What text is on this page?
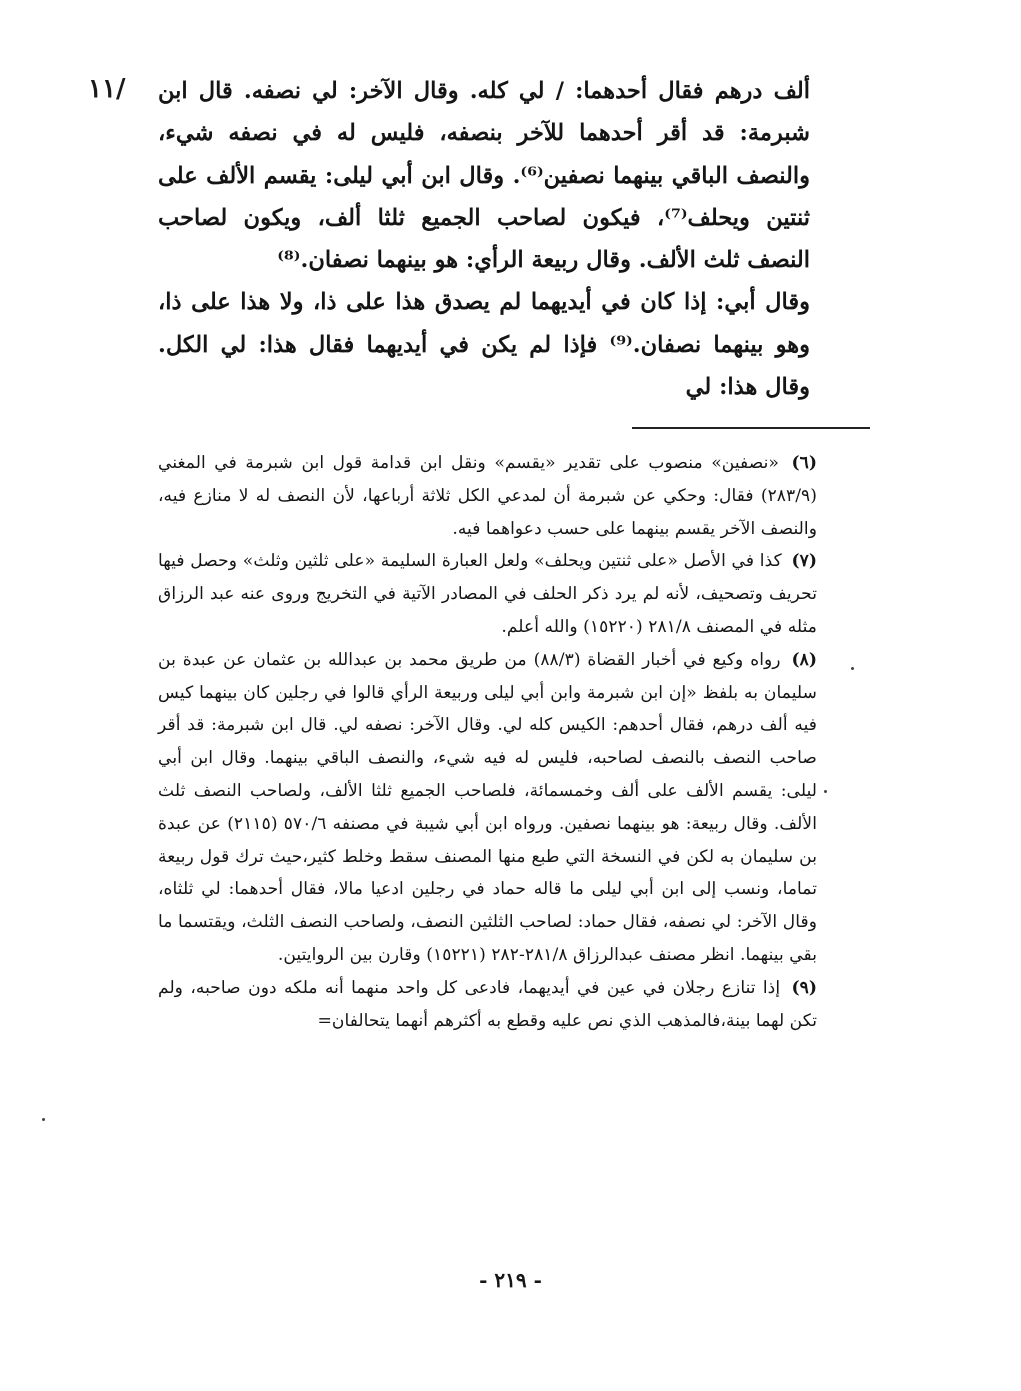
١١/ ألف درهم فقال أحدهما: / لي كله. وقال الآخر: لي نصفه. قال ابن شبرمة: قد أقر أحدهما للآخر بنصفه، فليس له في نصفه شيء، والنصف الباقي بينهما نصفين⁽⁶⁾. وقال ابن أبي ليلى: يقسم الألف على ثنتين ويحلف⁽⁷⁾، فيكون لصاحب الجميع ثلثا ألف، ويكون لصاحب النصف ثلث الألف. وقال ربيعة الرأي: هو بينهما نصفان.⁽⁸⁾

وقال أبي: إذا كان في أيديهما لم يصدق هذا على ذا، ولا هذا على ذا، وهو بينهما نصفان.⁽⁹⁾ فإذا لم يكن في أيديهما فقال هذا: لي الكل. وقال هذا: لي

(٦) «نصفين» منصوب على تقدير «يقسم» ونقل ابن قدامة قول ابن شبرمة في المغني (٢٨٣/٩) فقال: وحكي عن شبرمة أن لمدعي الكل ثلاثة أرباعها، لأن النصف له لا منازع فيه، والنصف الآخر يقسم بينهما على حسب دعواهما فيه.

(٧) كذا في الأصل «على ثنتين ويحلف» ولعل العبارة السليمة «على ثلثين وثلث» وحصل فيها تحريف وتصحيف، لأنه لم يرد ذكر الحلف في المصادر الآتية في التخريج وروى عنه عبد الرزاق مثله في المصنف ٢٨١/٨ (١٥٢٢٠) والله أعلم.

(٨) رواه وكيع في أخبار القضاة (٨٨/٣) من طريق محمد بن عبدالله بن عثمان عن عبدة بن سليمان به بلفظ «إن ابن شبرمة وابن أبي ليلى وربيعة الرأي قالوا في رجلين كان بينهما كيس فيه ألف درهم، فقال أحدهم: الكيس كله لي. وقال الآخر: نصفه لي. قال ابن شبرمة: قد أقر صاحب النصف بالنصف لصاحبه، فليس له فيه شيء، والنصف الباقي بينهما. وقال ابن أبي ليلى: يقسم الألف على ألف وخمسمائة، فلصاحب الجميع ثلثا الألف، ولصاحب النصف ثلث الألف. وقال ربيعة: هو بينهما نصفين. ورواه ابن أبي شيبة في مصنفه ٥٧٠/٦ (٢١١٥) عن عبدة بن سليمان به لكن في النسخة التي طبع منها المصنف سقط وخلط كثير،حيث ترك قول ربيعة تماما، ونسب إلى ابن أبي ليلى ما قاله حماد في رجلين ادعيا مالا، فقال أحدهما: لي ثلثاه، وقال الآخر: لي نصفه، فقال حماد: لصاحب الثلثين النصف، ولصاحب النصف الثلث، ويقتسما ما بقي بينهما. انظر مصنف عبدالرزاق ٢٨١/٨-٢٨٢ (١٥٢٢١) وقارن بين الروايتين.

(٩) إذا تنازع رجلان في عين في أيديهما، فادعى كل واحد منهما أنه ملكه دون صاحبه، ولم تكن لهما بينة،فالمذهب الذي نص عليه وقطع به أكثرهم أنهما يتحالفان=

- ٢١٩ -
